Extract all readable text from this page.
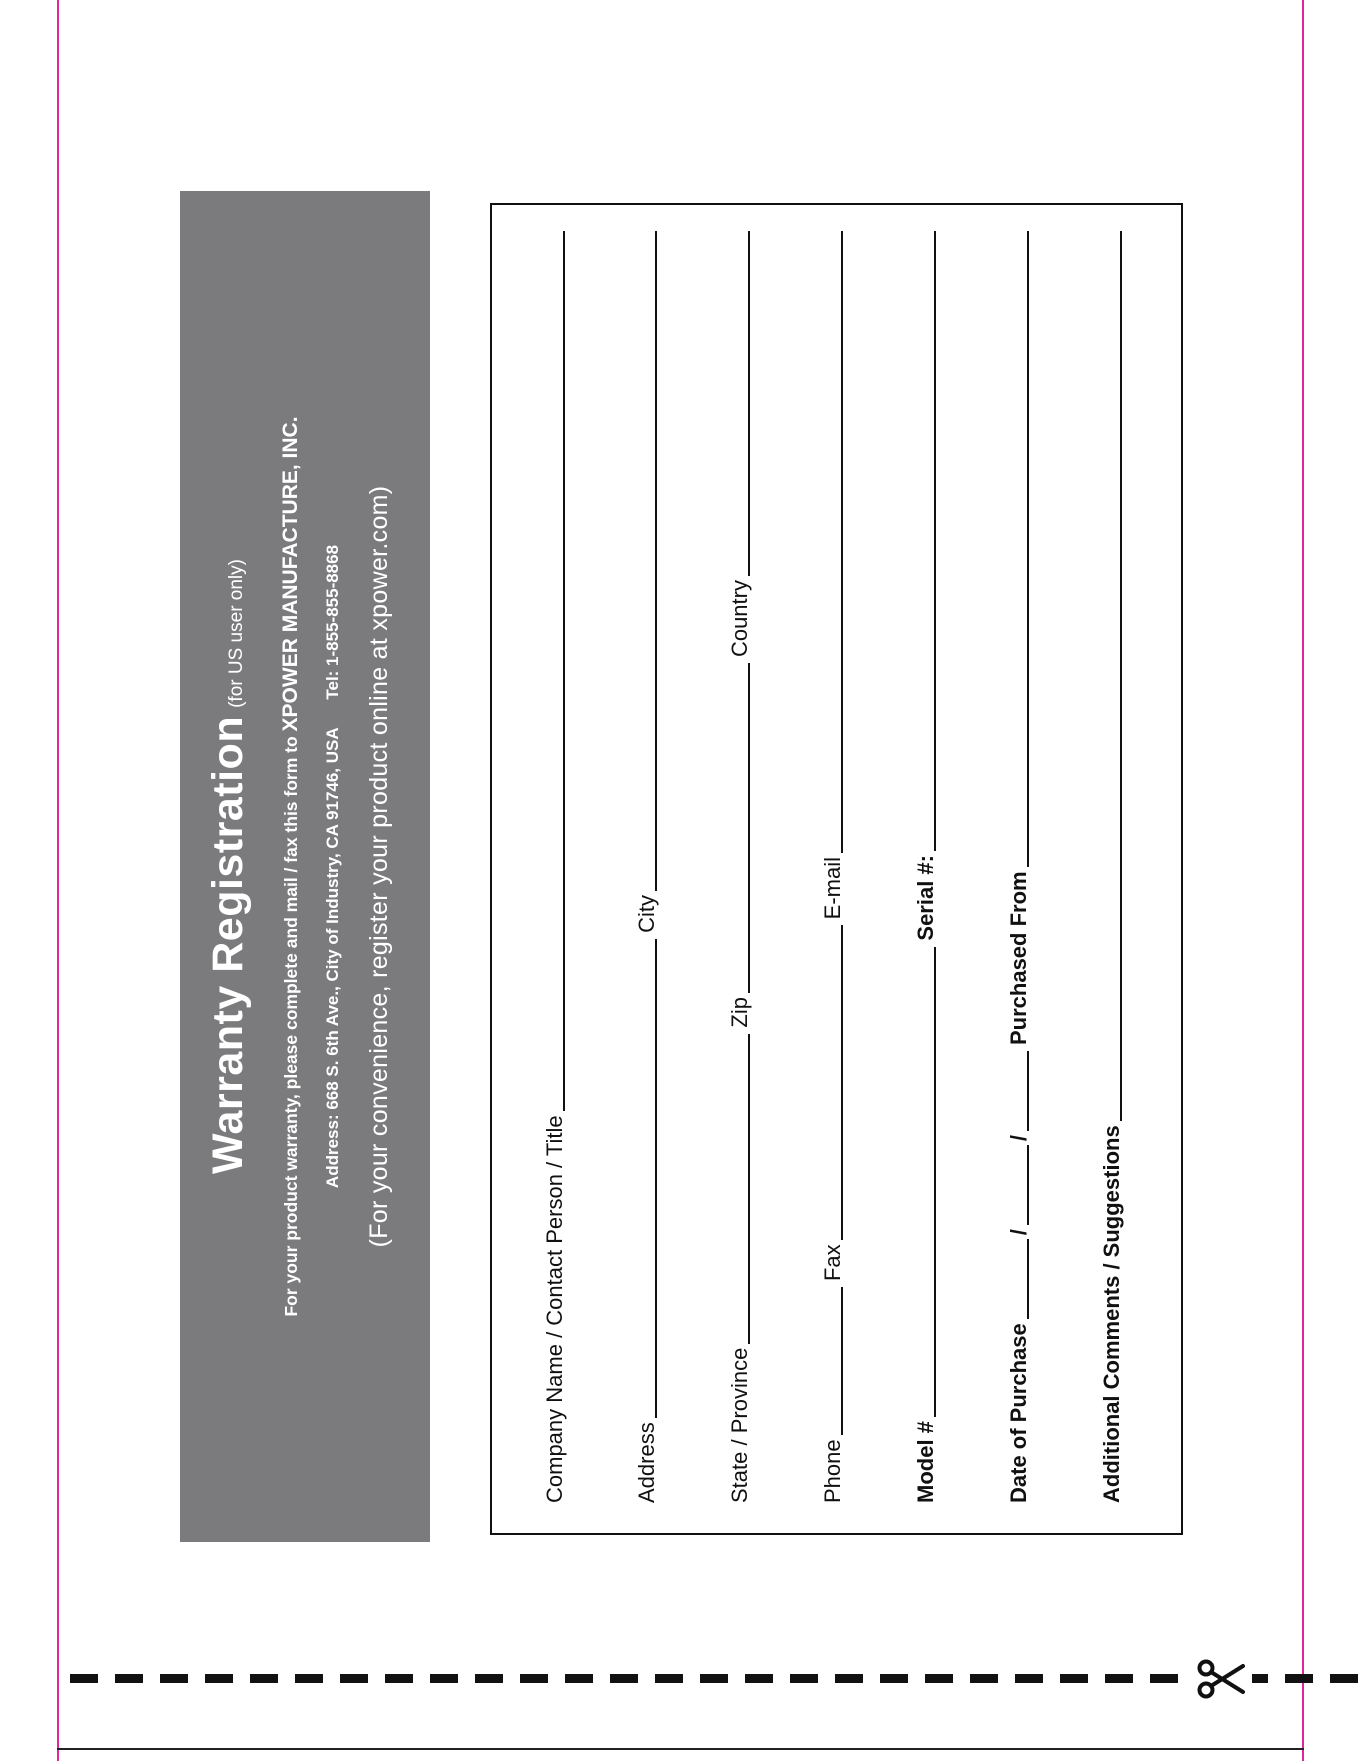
Warranty Registration(for US user only)
For your product warranty, please complete and mail / fax this form to XPOWER MANUFACTURE, INC.
Address: 668 S. 6th Ave., City of Industry, CA 91746, USA      Tel: 1-855-855-8868 (For your convenience, register your product online at xpower.com)
Company Name / Contact Person / Title	Address
City
State / Province
Zip
Country
Phone
Fax
E-mail
Model #
Serial #:
Date of Purchase
/
/
Purchased From
Additional Comments / Suggestions
